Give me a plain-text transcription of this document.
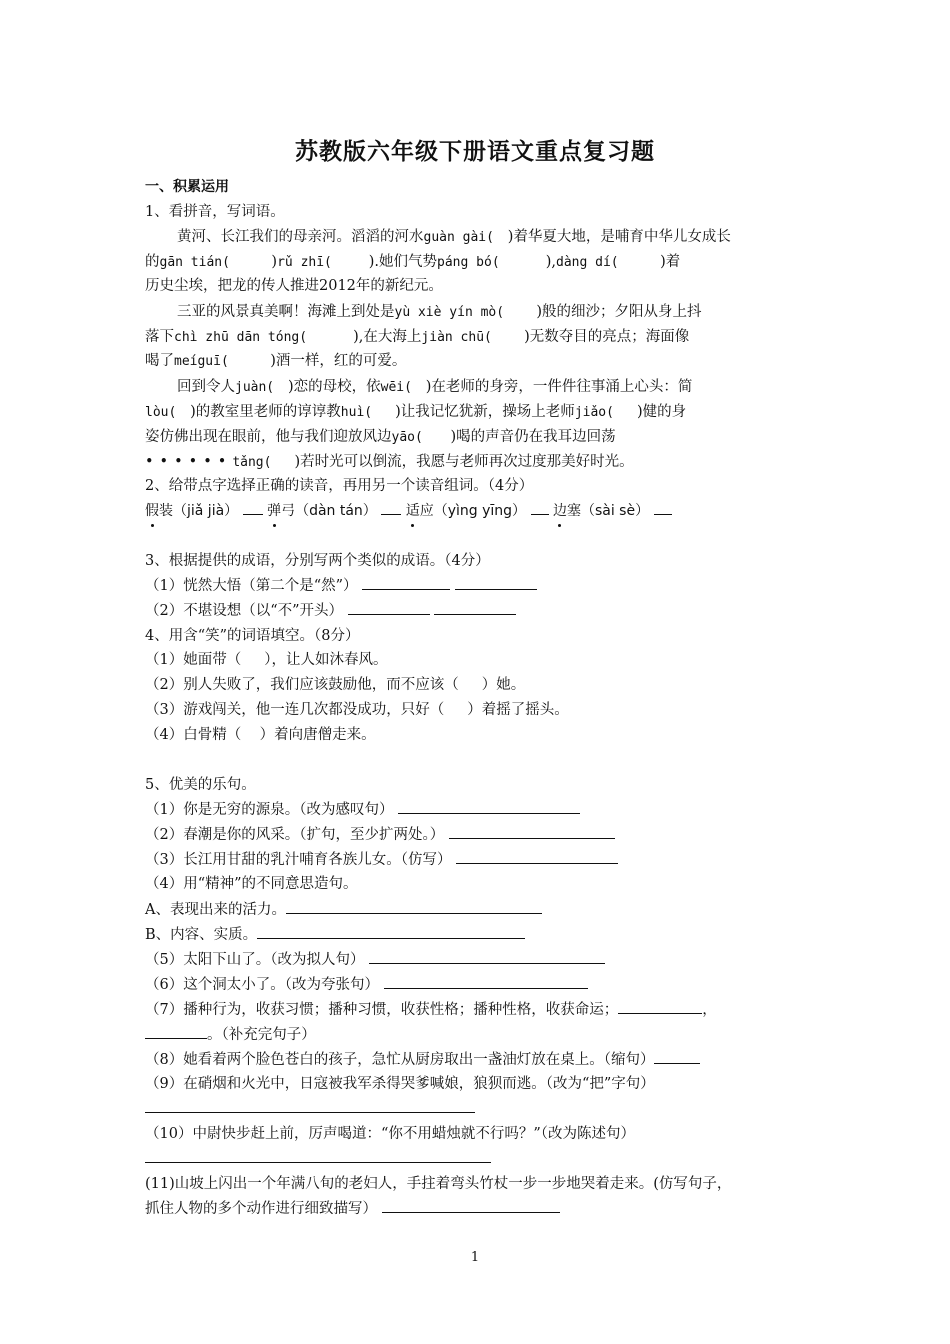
苏教版六年级下册语文重点复习题
一、积累运用
1、看拼音，写词语。
黄河、长江我们的母亲河。滔滔的河水guàn gài(   )着华夏大地，是哺育中华儿女成长
的gān tián(         )rǔ zhī(        ).她们气势páng bó(          ),dàng dí(         )着
历史尘埃，把龙的传人推进2012年的新纪元。
三亚的风景真美啊！海滩上到处是yù xiè yín mò(       )般的细沙；夕阳从身上抖
落下chì zhū dān tóng(          ),在大海上jiàn chū(       )无数夺目的亮点；海面像
喝了meíguī(         )酒一样，红的可爱。
回到令人juàn(   )恋的母校，依wēi(   )在老师的身旁，一件件往事涌上心头：简
lòu(   )的教室里老师的谆谆教huì(     )让我记忆犹新，操场上老师jiǎo(     )健的身
姿仿佛出现在眼前，他与我们迎放风边yāo(      )喝的声音仍在我耳边回荡
••••••tǎng(     )若时光可以倒流，我愿与老师再次过度那美好时光。
2、给带点字选择正确的读音，再用另一个读音组词。（4分）
假装（jiǎ jià） 弹弓（dàn tán） 适应（yìng yīng） 边塞（sài sè）
3、根据提供的成语，分别写两个类似的成语。（4分）
（1）恍然大悟（第二个是“然”）
（2）不堪设想（以“不”开头）
4、用含“笑”的词语填空。（8分）
（1）她面带（     ），让人如沐春风。
（2）别人失败了，我们应该鼓励他，而不应该（     ）她。
（3）游戏闯关，他一连几次都没成功，只好（     ）着摇了摇头。
（4）白骨精（    ）着向唐僧走来。
5、优美的乐句。
（1）你是无穷的源泉。（改为感叹句）
（2）春潮是你的风采。（扩句，至少扩两处。）
（3）长江用甘甜的乳汁哺育各族儿女。（仿写）
（4）用“精神”的不同意思造句。
A、表现出来的活力。
B、内容、实质。
（5）太阳下山了。（改为拟人句）
（6）这个洞太小了。（改为夸张句）
（7）播种行为，收获习惯；播种习惯，收获性格；播种性格，收获命运；	，
。（补充完句子）
（8）她看着两个脸色苍白的孩子，急忙从厨房取出一盏油灯放在桌上。（缩句）
（9）在硝烟和火光中，日寇被我军杀得哭爹喊娘，狼狈而逃。（改为“把”字句）
（10）中尉快步赶上前，厉声喝道：“你不用蜡烛就不行吗？”（改为陈述句）
(11)山坡上闪出一个年满八旬的老妇人，手拄着弯头竹杖一步一步地哭着走来。(仿写句子，
抓住人物的多个动作进行细致描写）
1
